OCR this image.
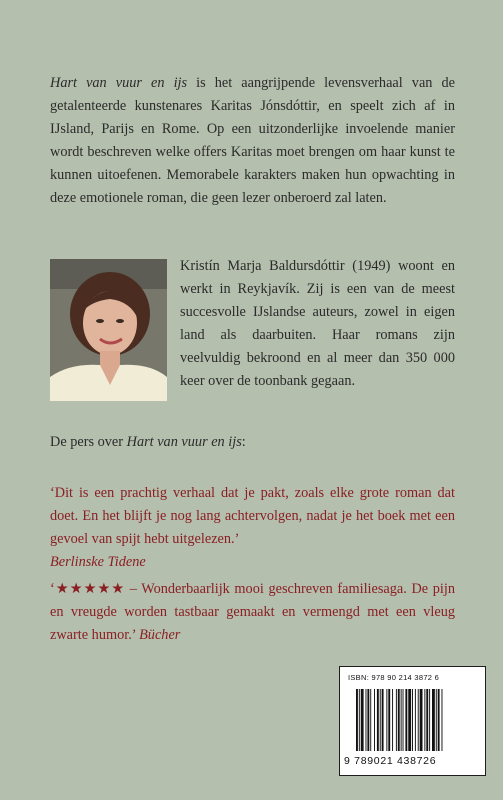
Hart van vuur en ijs is het aangrijpende levensverhaal van de getalenteerde kunstenares Karitas Jónsdóttir, en speelt zich af in IJsland, Parijs en Rome. Op een uitzonderlijke invoelende manier wordt beschreven welke offers Karitas moet brengen om haar kunst te kunnen uitoefenen. Memorabele karakters maken hun opwachting in deze emotionele roman, die geen lezer onberoerd zal laten.
Kristín Marja Baldursdóttir (1949) woont en werkt in Reykjavík. Zij is een van de meest succesvolle IJslandse auteurs, zowel in eigen land als daarbuiten. Haar romans zijn veelvuldig bekroond en al meer dan 350 000 keer over de toonbank gegaan.
De pers over Hart van vuur en ijs:
‘Dit is een prachtig verhaal dat je pakt, zoals elke grote roman dat doet. En het blijft je nog lang achtervolgen, nadat je het boek met een gevoel van spijt hebt uitgelezen.’
Berlinske Tidene
‘★★★★★ – Wonderbaarlijk mooi geschreven familiesaga. De pijn en vreugde worden tastbaar gemaakt en vermengd met een vleug zwarte humor.’ Bücher
ISBN: 978 90 214 3872 6
9 789021 438726
